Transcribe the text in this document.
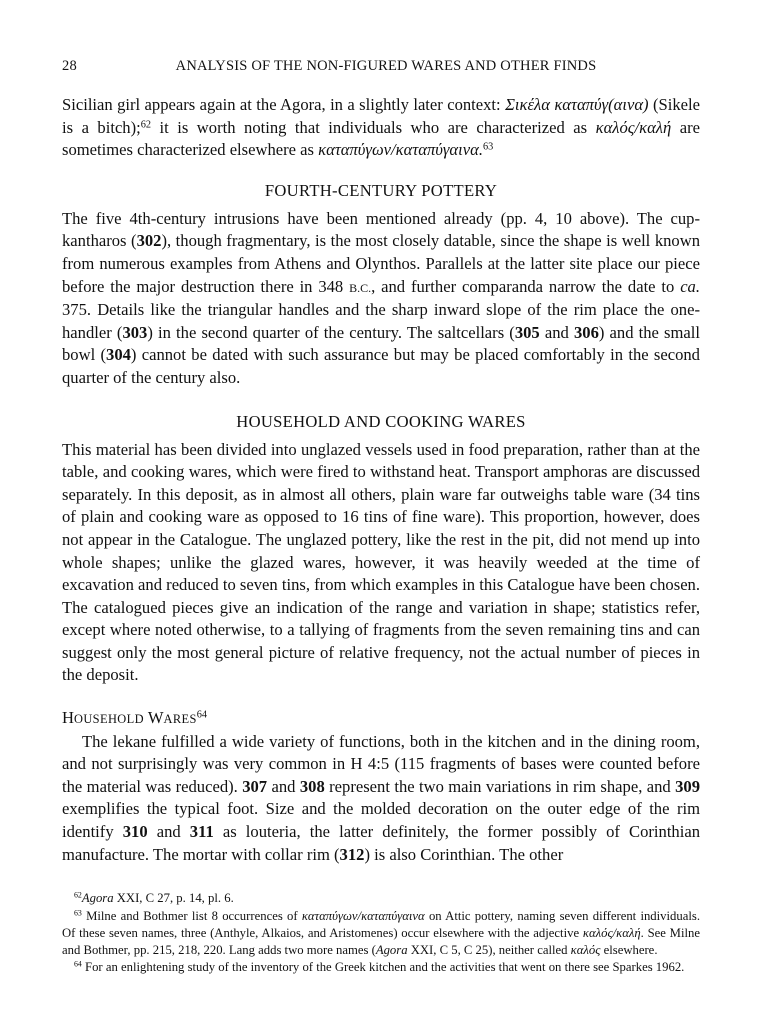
28	ANALYSIS OF THE NON-FIGURED WARES AND OTHER FINDS

Sicilian girl appears again at the Agora, in a slightly later context: Σικέλα καταπύγ(αινα) (Sikele is a bitch);$^{62}$ it is worth noting that individuals who are characterized as καλός/καλή are sometimes characterized elsewhere as καταπύγων/καταπύγαινα.$^{63}$

FOURTH-CENTURY POTTERY

The five 4th-century intrusions have been mentioned already (pp. 4, 10 above). The cup-kantharos (302), though fragmentary, is the most closely datable, since the shape is well known from numerous examples from Athens and Olynthos. Parallels at the latter site place our piece before the major destruction there in 348 B.C., and further comparanda narrow the date to ca. 375. Details like the triangular handles and the sharp inward slope of the rim place the one-handler (303) in the second quarter of the century. The saltcellars (305 and 306) and the small bowl (304) cannot be dated with such assurance but may be placed comfortably in the second quarter of the century also.

HOUSEHOLD AND COOKING WARES

This material has been divided into unglazed vessels used in food preparation, rather than at the table, and cooking wares, which were fired to withstand heat. Transport amphoras are discussed separately. In this deposit, as in almost all others, plain ware far outweighs table ware (34 tins of plain and cooking ware as opposed to 16 tins of fine ware). This proportion, however, does not appear in the Catalogue. The unglazed pottery, like the rest in the pit, did not mend up into whole shapes; unlike the glazed wares, however, it was heavily weeded at the time of excavation and reduced to seven tins, from which examples in this Catalogue have been chosen. The catalogued pieces give an indication of the range and variation in shape; statistics refer, except where noted otherwise, to a tallying of fragments from the seven remaining tins and can suggest only the most general picture of relative frequency, not the actual number of pieces in the deposit.

HOUSEHOLD WARES$^{64}$

The lekane fulfilled a wide variety of functions, both in the kitchen and in the dining room, and not surprisingly was very common in H 4:5 (115 fragments of bases were counted before the material was reduced). 307 and 308 represent the two main variations in rim shape, and 309 exemplifies the typical foot. Size and the molded decoration on the outer edge of the rim identify 310 and 311 as louteria, the latter definitely, the former possibly of Corinthian manufacture. The mortar with collar rim (312) is also Corinthian. The other

$^{62}$Agora XXI, C 27, p. 14, pl. 6.

$^{63}$ Milne and Bothmer list 8 occurrences of καταπύγων/καταπύγαινα on Attic pottery, naming seven different individuals. Of these seven names, three (Anthyle, Alkaios, and Aristomenes) occur elsewhere with the adjective καλός/καλή. See Milne and Bothmer, pp. 215, 218, 220. Lang adds two more names (Agora XXI, C 5, C 25), neither called καλός elsewhere.

$^{64}$ For an enlightening study of the inventory of the Greek kitchen and the activities that went on there see Sparkes 1962.
